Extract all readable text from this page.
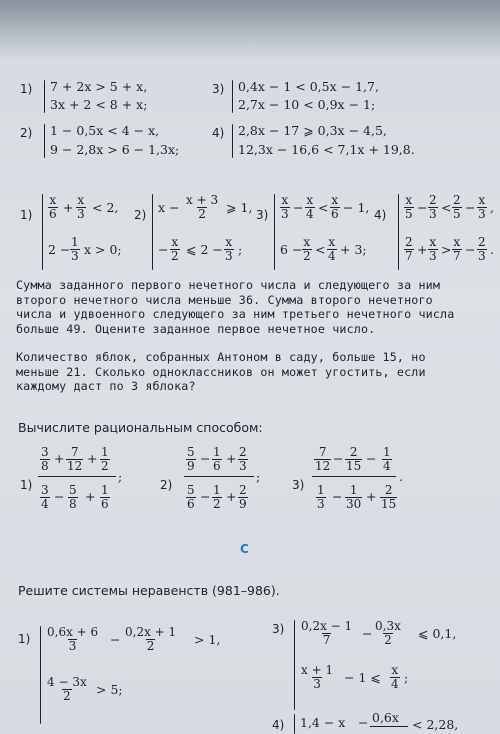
1) 7 + 2x > 5 + x,
3x + 2 < 8 + x;
3) 0,4x − 1 < 0,5x − 1,7,
2,7x − 10 < 0,9x − 1;
2) 1 − 0,5x < 4 − x,
9 − 2,8x > 6 − 1,3x;
4) 2,8x − 17 ⩾ 0,3x − 4,5,
12,3x − 16,6 < 7,1x + 19,8.
$1) \frac{x}{6} + \frac{x}{3} < 2$,
$2 - \frac{1}{3}$ x > 0;
2) $x - \frac{x + 3}{2}$ ⩾ 1,
− $\frac{x}{2}$ ⩽ $2 - \frac{x}{3}$ ;
$3) \frac{x}{3} - \frac{x}{4} < \frac{x}{6} - 1$,
$6 - \frac{x}{2} < \frac{x}{4} + 3$;
$4) \frac{x}{5} - \frac{2}{3} < \frac{2}{5} - \frac{x}{3}$ ,
$\frac{2}{7} + \frac{x}{3} > \frac{x}{7} - \frac{2}{3}$ .
Сумма заданного первого нечетного числа и следующего за ним
второго нечетного числа меньше 36. Сумма второго нечетного
числа и удвоенного следующего за ним третьего нечетного числа
больше 49. Оцените заданное первое нечетное число.
Количество яблок, собранных Антоном в саду, больше 15, но
меньше 21. Сколько одноклассников он может угостить, если
каждому даст по 3 яблока?
Вычислите рациональным способом:
1)
$\frac{3}{8} + \frac{7}{12} + \frac{1}{2}$
$\frac{3}{4} - \frac{5}{8} + \frac{1}{6}$
;
2)
$\frac{5}{9} - \frac{1}{6} + \frac{2}{3}$
$\frac{5}{6} - \frac{1}{2} + \frac{2}{9}$
;
3)
$\frac{7}{12} - \frac{2}{15} - \frac{1}{4}$
$\frac{1}{3} - \frac{1}{30} + \frac{2}{15}$
.
C
Решите системы неравенств (981–986).
$1) \frac{0,6x + 6}{3} - \frac{0,2x + 1}{2} > 1$,
$\frac{4 - 3x}{2} > 5$;
$3) \frac{0,2x - 1}{7} - \frac{0,3x}{2}$ ⩽ 0,1,
$\frac{x + 1}{3} - 1$ ⩽ $\frac{x}{4}$ ;
4) 1,4 − x − 0,6x < 2,28,
